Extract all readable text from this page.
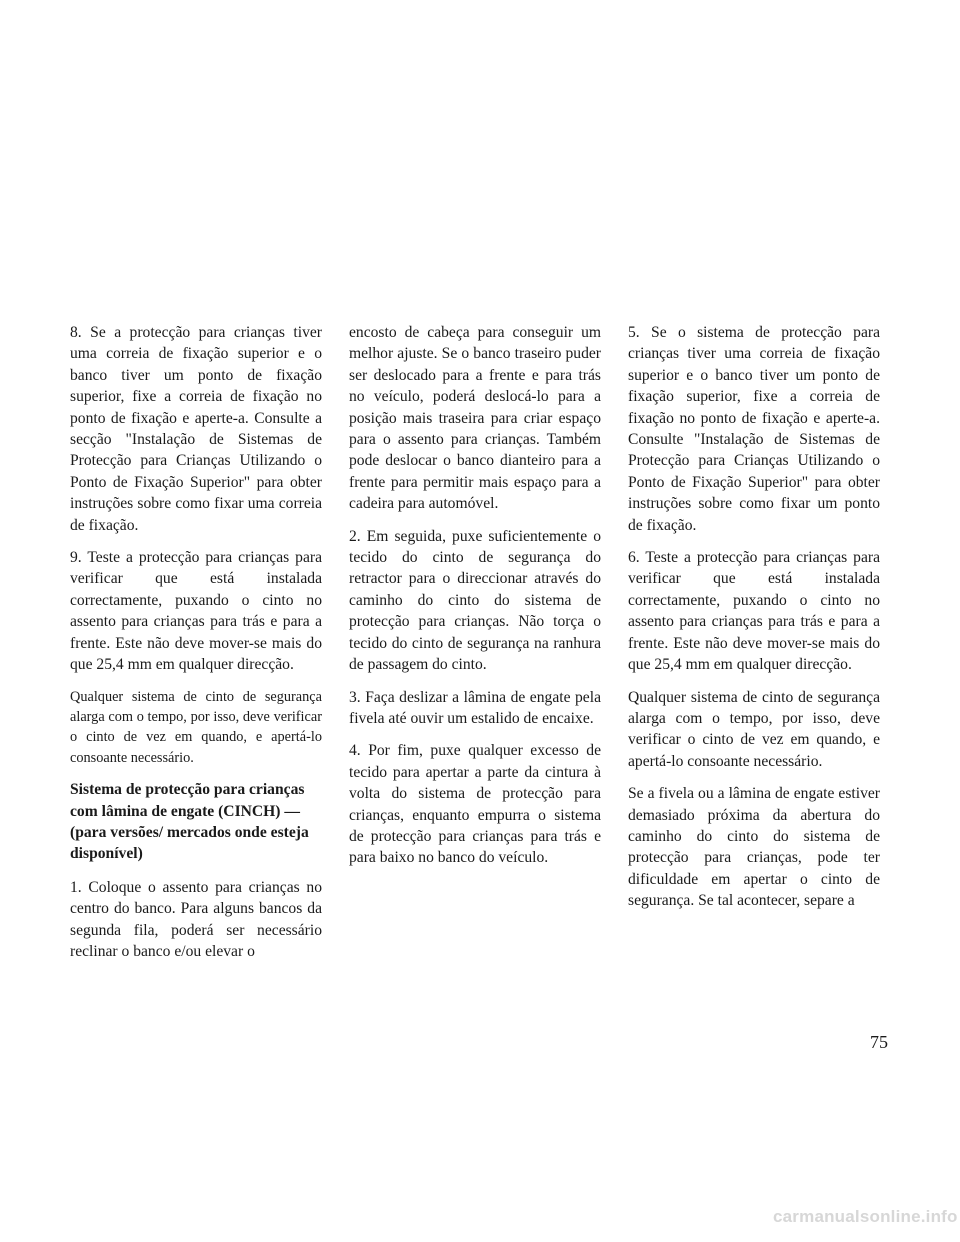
8. Se a protecção para crianças tiver uma correia de fixação superior e o banco tiver um ponto de fixação superior, fixe a correia de fixação no ponto de fixação e aperte-a. Consulte a secção "Instalação de Sistemas de Protecção para Crianças Utilizando o Ponto de Fixação Superior" para obter instruções sobre como fixar uma correia de fixação.

9. Teste a protecção para crianças para verificar que está instalada correctamente, puxando o cinto no assento para crianças para trás e para a frente. Este não deve mover-se mais do que 25,4 mm em qualquer direcção.

Qualquer sistema de cinto de segurança alarga com o tempo, por isso, deve verificar o cinto de vez em quando, e apertá-lo consoante necessário.

Sistema de protecção para crianças com lâmina de engate (CINCH) — (para versões/ mercados onde esteja disponível)

1. Coloque o assento para crianças no centro do banco. Para alguns bancos da segunda fila, poderá ser necessário reclinar o banco e/ou elevar o

encosto de cabeça para conseguir um melhor ajuste. Se o banco traseiro puder ser deslocado para a frente e para trás no veículo, poderá deslocá-lo para a posição mais traseira para criar espaço para o assento para crianças. Também pode deslocar o banco dianteiro para a frente para permitir mais espaço para a cadeira para automóvel.

2. Em seguida, puxe suficientemente o tecido do cinto de segurança do retractor para o direccionar através do caminho do cinto do sistema de protecção para crianças. Não torça o tecido do cinto de segurança na ranhura de passagem do cinto.

3. Faça deslizar a lâmina de engate pela fivela até ouvir um estalido de encaixe.

4. Por fim, puxe qualquer excesso de tecido para apertar a parte da cintura à volta do sistema de protecção para crianças, enquanto empurra o sistema de protecção para crianças para trás e para baixo no banco do veículo.

5. Se o sistema de protecção para crianças tiver uma correia de fixação superior e o banco tiver um ponto de fixação superior, fixe a correia de fixação no ponto de fixação e aperte-a. Consulte "Instalação de Sistemas de Protecção para Crianças Utilizando o Ponto de Fixação Superior" para obter instruções sobre como fixar um ponto de fixação.

6. Teste a protecção para crianças para verificar que está instalada correctamente, puxando o cinto no assento para crianças para trás e para a frente. Este não deve mover-se mais do que 25,4 mm em qualquer direcção.

Qualquer sistema de cinto de segurança alarga com o tempo, por isso, deve verificar o cinto de vez em quando, e apertá-lo consoante necessário.

Se a fivela ou a lâmina de engate estiver demasiado próxima da abertura do caminho do cinto do sistema de protecção para crianças, pode ter dificuldade em apertar o cinto de segurança. Se tal acontecer, separe a

75
carmanualsonline.info
